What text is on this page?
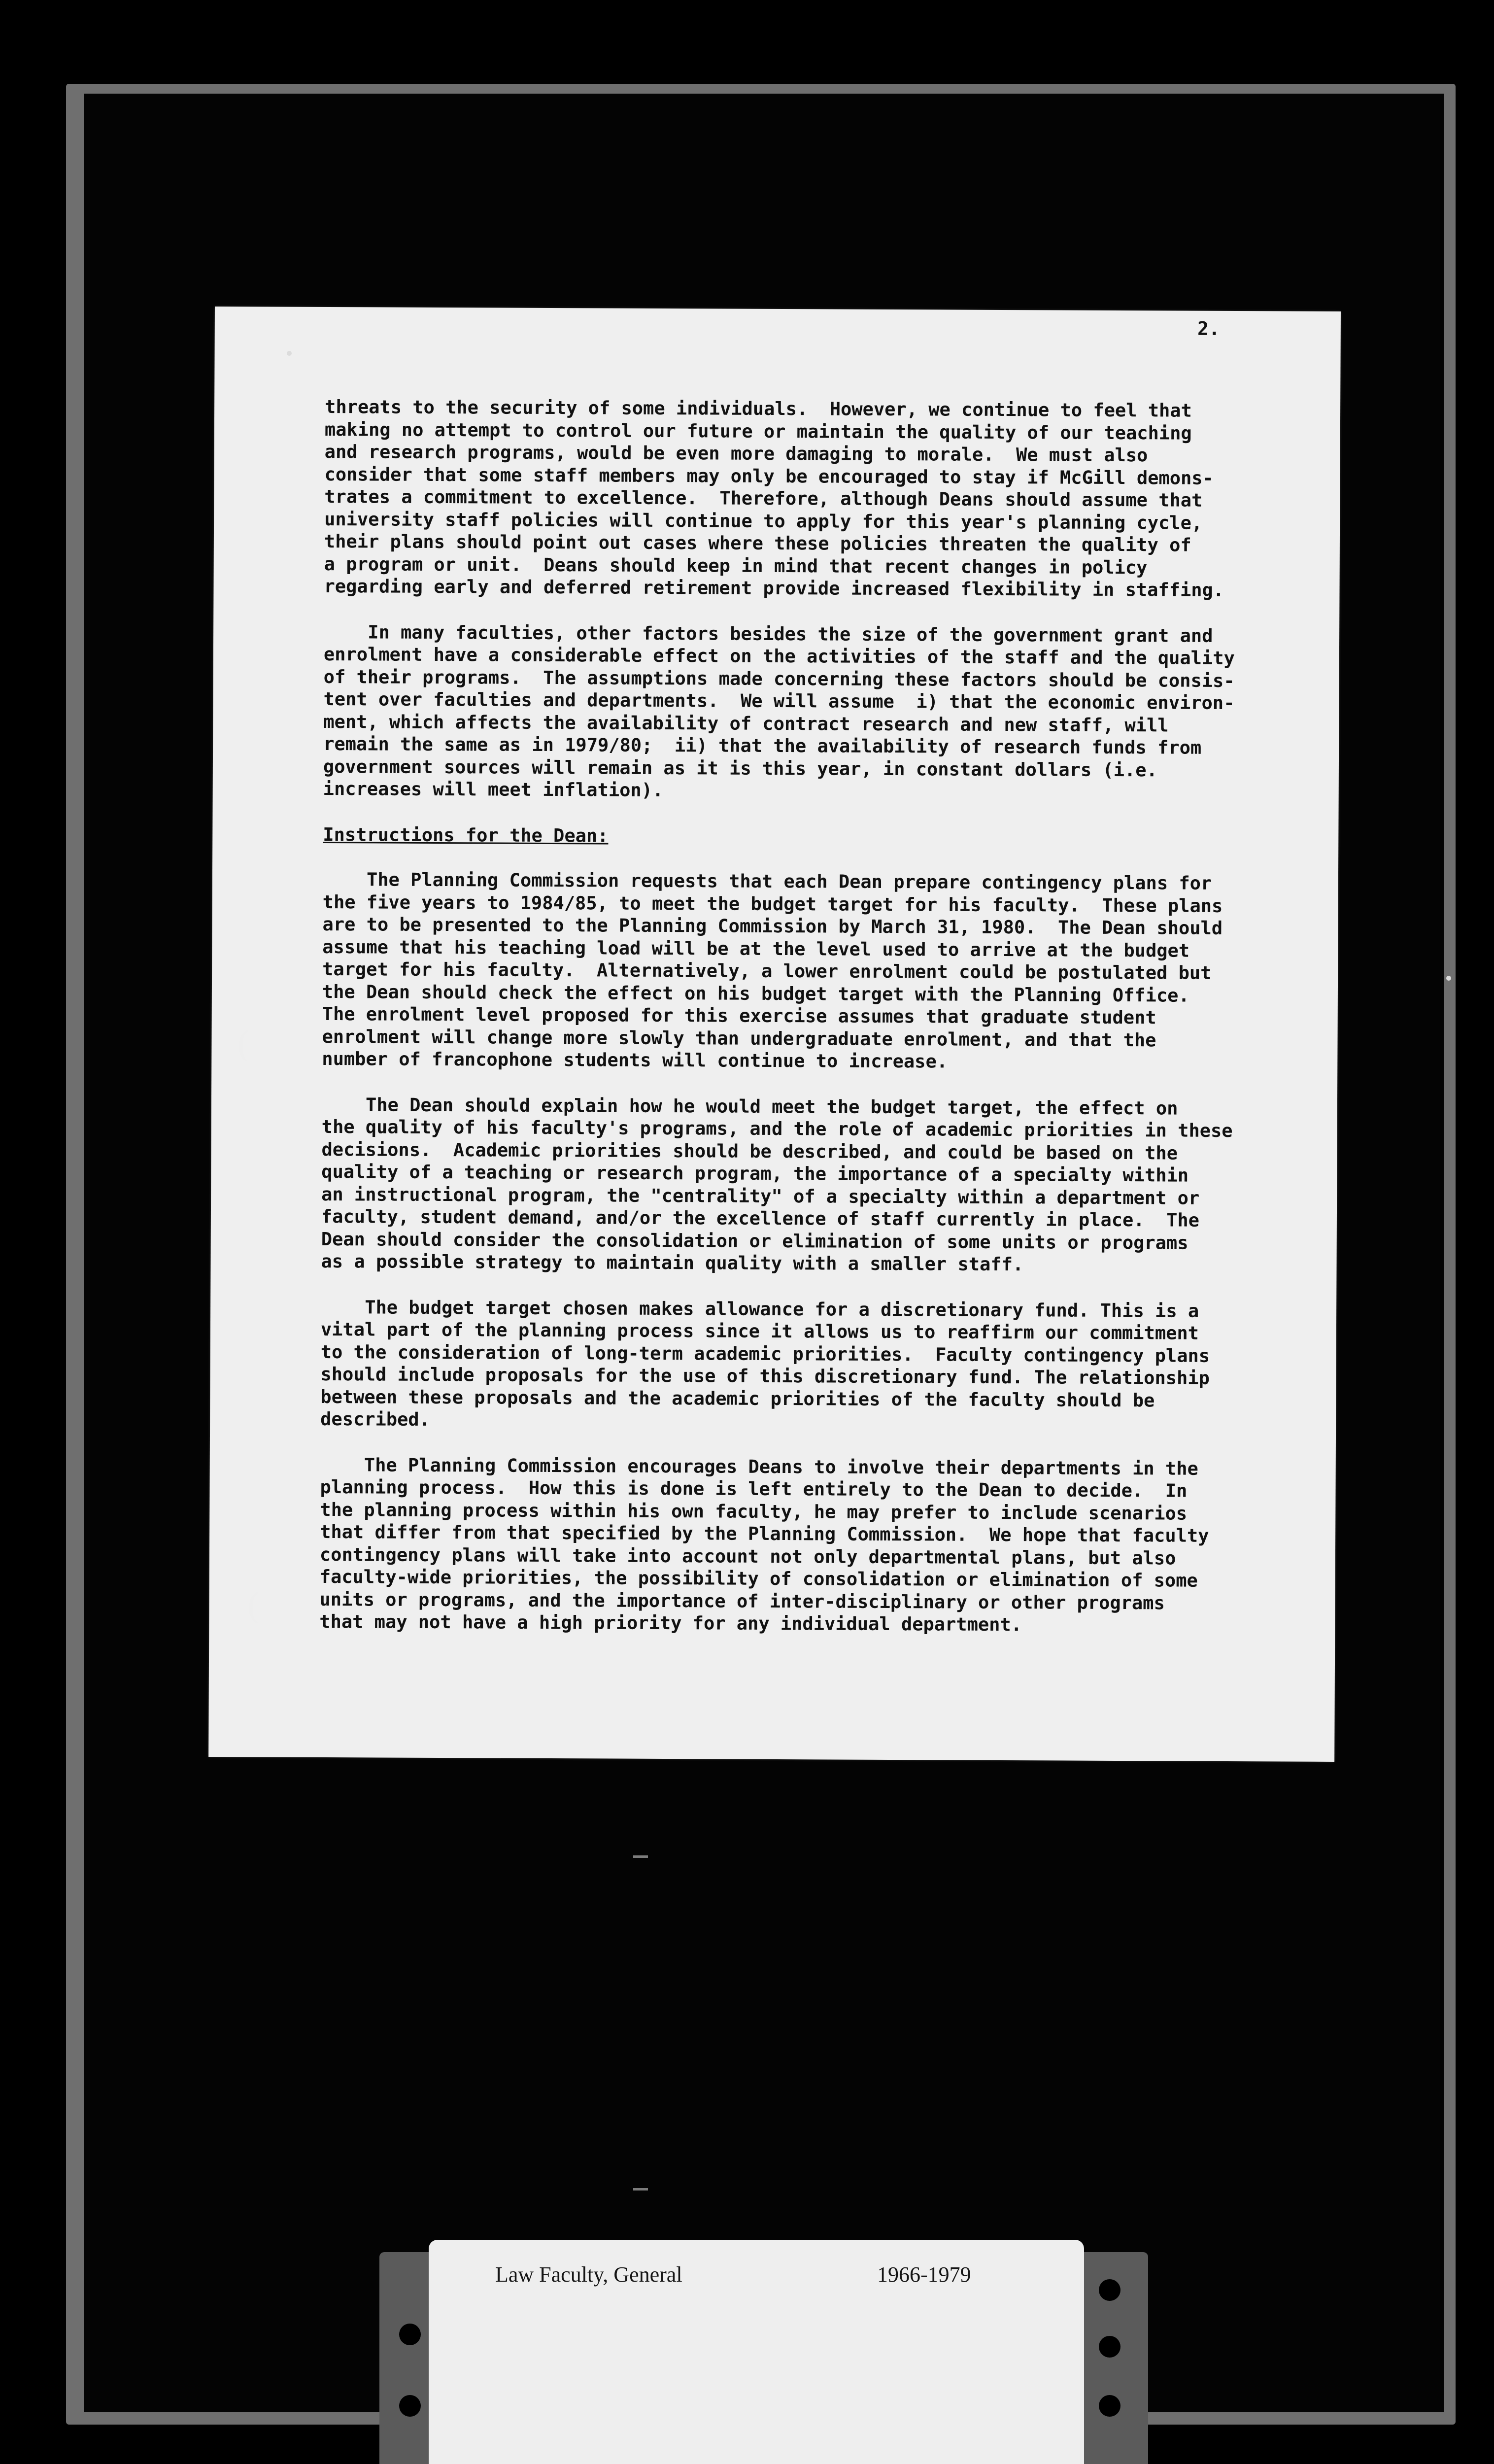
2.
threats to the security of some individuals.  However, we continue to feel that
making no attempt to control our future or maintain the quality of our teaching
and research programs, would be even more damaging to morale.  We must also
consider that some staff members may only be encouraged to stay if McGill demons-
trates a commitment to excellence.  Therefore, although Deans should assume that
university staff policies will continue to apply for this year's planning cycle,
their plans should point out cases where these policies threaten the quality of
a program or unit.  Deans should keep in mind that recent changes in policy
regarding early and deferred retirement provide increased flexibility in staffing.
In many faculties, other factors besides the size of the government grant and
enrolment have a considerable effect on the activities of the staff and the quality
of their programs.  The assumptions made concerning these factors should be consis-
tent over faculties and departments.  We will assume  i) that the economic environ-
ment, which affects the availability of contract research and new staff, will
remain the same as in 1979/80;  ii) that the availability of research funds from
government sources will remain as it is this year, in constant dollars (i.e.
increases will meet inflation).
Instructions for the Dean:
The Planning Commission requests that each Dean prepare contingency plans for
the five years to 1984/85, to meet the budget target for his faculty.  These plans
are to be presented to the Planning Commission by March 31, 1980.  The Dean should
assume that his teaching load will be at the level used to arrive at the budget
target for his faculty.  Alternatively, a lower enrolment could be postulated but
the Dean should check the effect on his budget target with the Planning Office.
The enrolment level proposed for this exercise assumes that graduate student
enrolment will change more slowly than undergraduate enrolment, and that the
number of francophone students will continue to increase.
The Dean should explain how he would meet the budget target, the effect on
the quality of his faculty's programs, and the role of academic priorities in these
decisions.  Academic priorities should be described, and could be based on the
quality of a teaching or research program, the importance of a specialty within
an instructional program, the "centrality" of a specialty within a department or
faculty, student demand, and/or the excellence of staff currently in place.  The
Dean should consider the consolidation or elimination of some units or programs
as a possible strategy to maintain quality with a smaller staff.
The budget target chosen makes allowance for a discretionary fund. This is a
vital part of the planning process since it allows us to reaffirm our commitment
to the consideration of long-term academic priorities.  Faculty contingency plans
should include proposals for the use of this discretionary fund. The relationship
between these proposals and the academic priorities of the faculty should be
described.
The Planning Commission encourages Deans to involve their departments in the
planning process.  How this is done is left entirely to the Dean to decide.  In
the planning process within his own faculty, he may prefer to include scenarios
that differ from that specified by the Planning Commission.  We hope that faculty
contingency plans will take into account not only departmental plans, but also
faculty-wide priorities, the possibility of consolidation or elimination of some
units or programs, and the importance of inter-disciplinary or other programs
that may not have a high priority for any individual department.
(
(
Law Faculty, General	1966-1979
